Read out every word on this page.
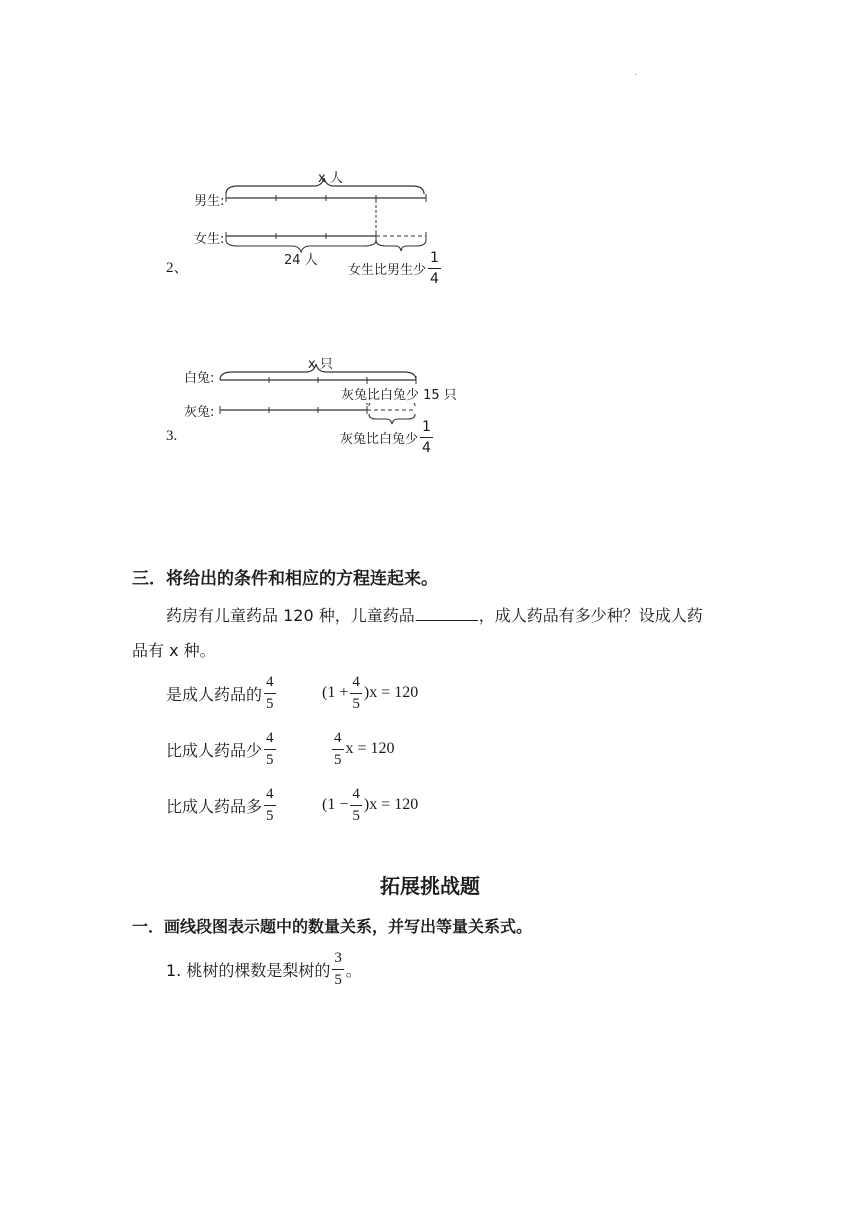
·
x 人
24 人
男生:
女生:
女生比男生少 $\frac{1}{4}$
2、
x 只
白兔:
灰兔:
灰兔比白兔少 15 只
灰兔比白兔少 $\frac{1}{4}$
3.
三．将给出的条件和相应的方程连起来。
药房有儿童药品 120 种，儿童药品	，成人药品有多少种？设成人药
品有 x 种。
是成人药品的 $\frac{4}{5}$	$(1 + \frac{4}{5} )x = 120$
比成人药品少 $\frac{4}{5}$	$\frac{4}{5}$ x = 120
比成人药品多 $\frac{4}{5}$	$(1 - \frac{4}{5} )x = 120$
拓展挑战题
一．画线段图表示题中的数量关系，并写出等量关系式。
1. 桃树的棵数是梨树的 $\frac{3}{5}$ 。
